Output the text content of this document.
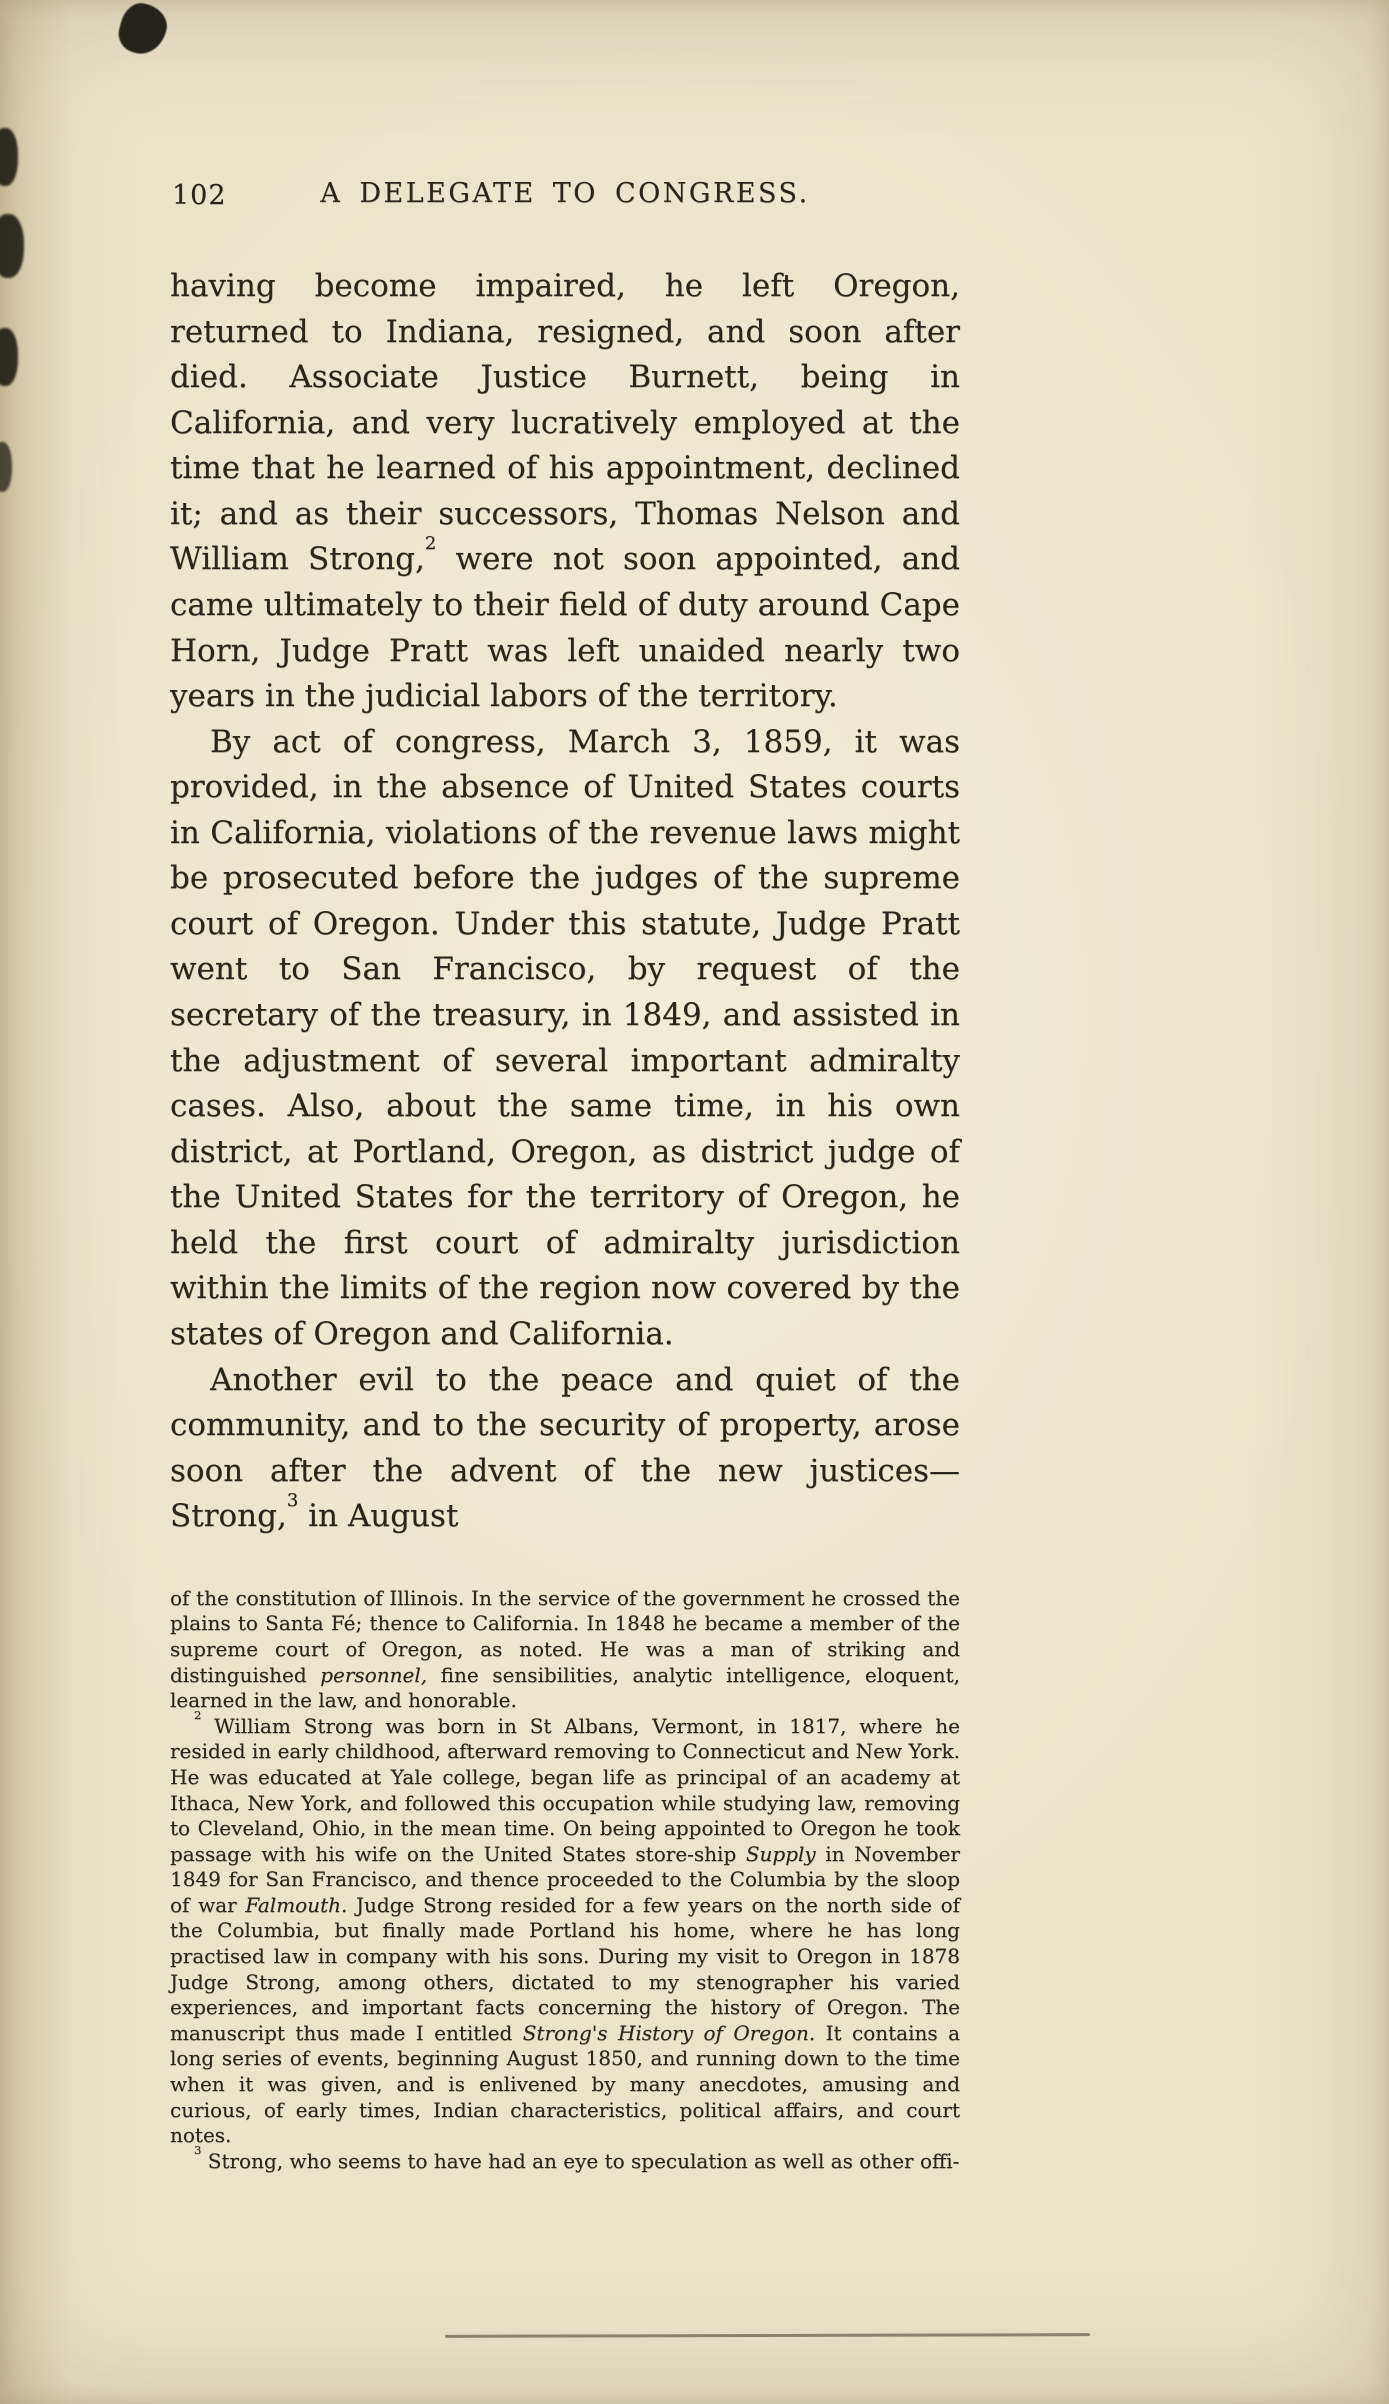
102	A DELEGATE TO CONGRESS.

having become impaired, he left Oregon, returned to Indiana, resigned, and soon after died. Associate Justice Burnett, being in California, and very lucratively employed at the time that he learned of his appointment, declined it; and as their successors, Thomas Nelson and William Strong,$^2$ were not soon appointed, and came ultimately to their field of duty around Cape Horn, Judge Pratt was left unaided nearly two years in the judicial labors of the territory.

By act of congress, March 3, 1859, it was provided, in the absence of United States courts in California, violations of the revenue laws might be prosecuted before the judges of the supreme court of Oregon. Under this statute, Judge Pratt went to San Francisco, by request of the secretary of the treasury, in 1849, and assisted in the adjustment of several important admiralty cases. Also, about the same time, in his own district, at Portland, Oregon, as district judge of the United States for the territory of Oregon, he held the first court of admiralty jurisdiction within the limits of the region now covered by the states of Oregon and California.

Another evil to the peace and quiet of the community, and to the security of property, arose soon after the advent of the new justices—Strong,$^3$ in August

of the constitution of Illinois. In the service of the government he crossed the plains to Santa Fé; thence to California. In 1848 he became a member of the supreme court of Oregon, as noted. He was a man of striking and distinguished personnel, fine sensibilities, analytic intelligence, eloquent, learned in the law, and honorable.

$^2$ William Strong was born in St Albans, Vermont, in 1817, where he resided in early childhood, afterward removing to Connecticut and New York. He was educated at Yale college, began life as principal of an academy at Ithaca, New York, and followed this occupation while studying law, removing to Cleveland, Ohio, in the mean time. On being appointed to Oregon he took passage with his wife on the United States store-ship Supply in November 1849 for San Francisco, and thence proceeded to the Columbia by the sloop of war Falmouth. Judge Strong resided for a few years on the north side of the Columbia, but finally made Portland his home, where he has long practised law in company with his sons. During my visit to Oregon in 1878 Judge Strong, among others, dictated to my stenographer his varied experiences, and important facts concerning the history of Oregon. The manuscript thus made I entitled Strong's History of Oregon. It contains a long series of events, beginning August 1850, and running down to the time when it was given, and is enlivened by many anecdotes, amusing and curious, of early times, Indian characteristics, political affairs, and court notes.

$^3$ Strong, who seems to have had an eye to speculation as well as other offi-
